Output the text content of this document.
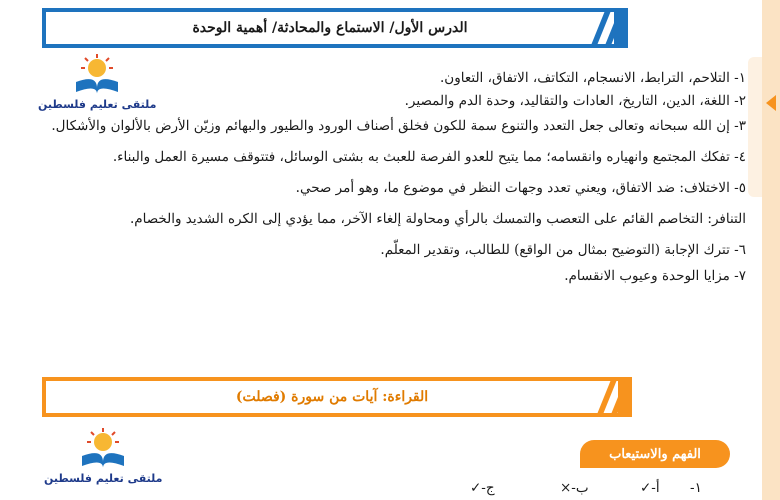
الدرس الأول/ الاستماع والمحادثة/ أهمية الوحدة
ملتقى تعليم فلسطين

١- التلاحم، الترابط، الانسجام، التكاتف، الاتفاق، التعاون.

٢- اللغة، الدين، التاريخ، العادات والتقاليد، وحدة الدم والمصير.

٣- إن الله سبحانه وتعالى جعل التعدد والتنوع سمة للكون فخلق أصناف الورود والطيور والبهائم وزيّن الأرض بالألوان والأشكال.

٤- تفكك المجتمع وانهياره وانقسامه؛ مما يتيح للعدو الفرصة للعبث به بشتى الوسائل، فتتوقف مسيرة العمل والبناء.

٥- الاختلاف: ضد الاتفاق، ويعني تعدد وجهات النظر في موضوع ما، وهو أمر صحي.

التنافر: التخاصم القائم على التعصب والتمسك بالرأي ومحاولة إلغاء الآخر، مما يؤدي إلى الكره الشديد والخصام.

٦- تترك الإجابة (التوضيح بمثال من الواقع) للطالب، وتقدير المعلّم.

٧- مزايا الوحدة وعيوب الانقسام.

القراءة: آيات من سورة (فصلت)
ملتقى تعليم فلسطين
الفهم والاستيعاب
١-
أ-✓
ب-×
ج-✓
